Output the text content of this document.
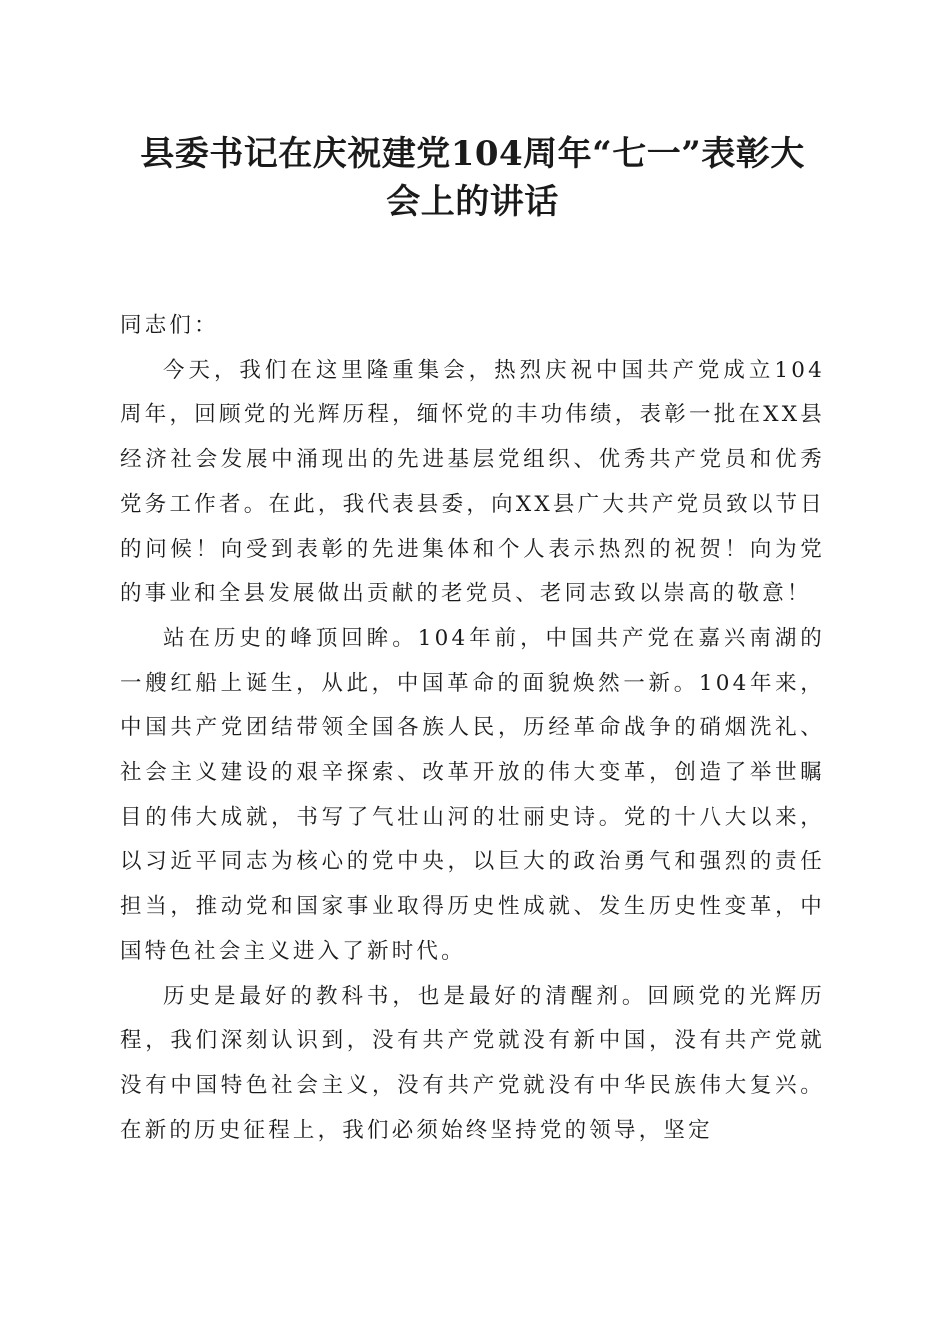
县委书记在庆祝建党104周年“七一”表彰大
会上的讲话

同志们：

今天，我们在这里隆重集会，热烈庆祝中国共产党成立104周年，回顾党的光辉历程，缅怀党的丰功伟绩，表彰一批在XX县经济社会发展中涌现出的先进基层党组织、优秀共产党员和优秀党务工作者。在此，我代表县委，向XX县广大共产党员致以节日的问候！向受到表彰的先进集体和个人表示热烈的祝贺！向为党的事业和全县发展做出贡献的老党员、老同志致以崇高的敬意！

站在历史的峰顶回眸。104年前，中国共产党在嘉兴南湖的一艘红船上诞生，从此，中国革命的面貌焕然一新。104年来，中国共产党团结带领全国各族人民，历经革命战争的硝烟洗礼、社会主义建设的艰辛探索、改革开放的伟大变革，创造了举世瞩目的伟大成就，书写了气壮山河的壮丽史诗。党的十八大以来，以习近平同志为核心的党中央，以巨大的政治勇气和强烈的责任担当，推动党和国家事业取得历史性成就、发生历史性变革，中国特色社会主义进入了新时代。

历史是最好的教科书，也是最好的清醒剂。回顾党的光辉历程，我们深刻认识到，没有共产党就没有新中国，没有共产党就没有中国特色社会主义，没有共产党就没有中华民族伟大复兴。在新的历史征程上，我们必须始终坚持党的领导，坚定
